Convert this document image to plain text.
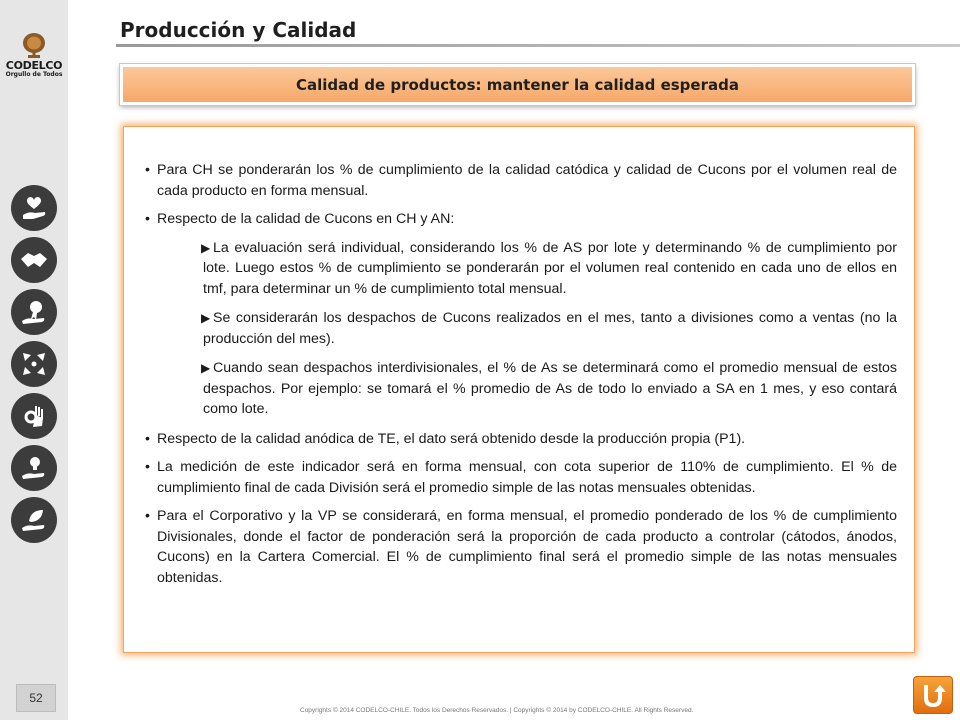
CODELCO
Orgullo de Todos
52
Producción y Calidad
Calidad de productos: mantener la calidad esperada
• Para CH se ponderarán los % de cumplimiento de la calidad catódica y calidad de Cucons por el volumen real de cada producto en forma mensual.
• Respecto de la calidad de Cucons en CH y AN:
▶ La evaluación será individual, considerando los % de AS por lote y determinando % de cumplimiento por lote. Luego estos % de cumplimiento se ponderarán por el volumen real contenido en cada uno de ellos en tmf, para determinar un % de cumplimiento total mensual.
▶ Se considerarán los despachos de Cucons realizados en el mes, tanto a divisiones como a ventas (no la producción del mes).
▶ Cuando sean despachos interdivisionales, el % de As se determinará como el promedio mensual de estos despachos. Por ejemplo: se tomará el % promedio de As de todo lo enviado a SA en 1 mes, y eso contará como lote.
• Respecto de la calidad anódica de TE, el dato será obtenido desde la producción propia (P1).
• La medición de este indicador será en forma mensual, con cota superior de 110% de cumplimiento. El % de cumplimiento final de cada División será el promedio simple de las notas mensuales obtenidas.
• Para el Corporativo y la VP se considerará, en forma mensual, el promedio ponderado de los % de cumplimiento Divisionales, donde el factor de ponderación será la proporción de cada producto a controlar (cátodos, ánodos, Cucons) en la Cartera Comercial. El % de cumplimiento final será el promedio simple de las notas mensuales obtenidas.
Copyrights © 2014 CODELCO-CHILE. Todos los Derechos Reservados. | Copyrights © 2014 by CODELCO-CHILE. All Rights Reserved.
